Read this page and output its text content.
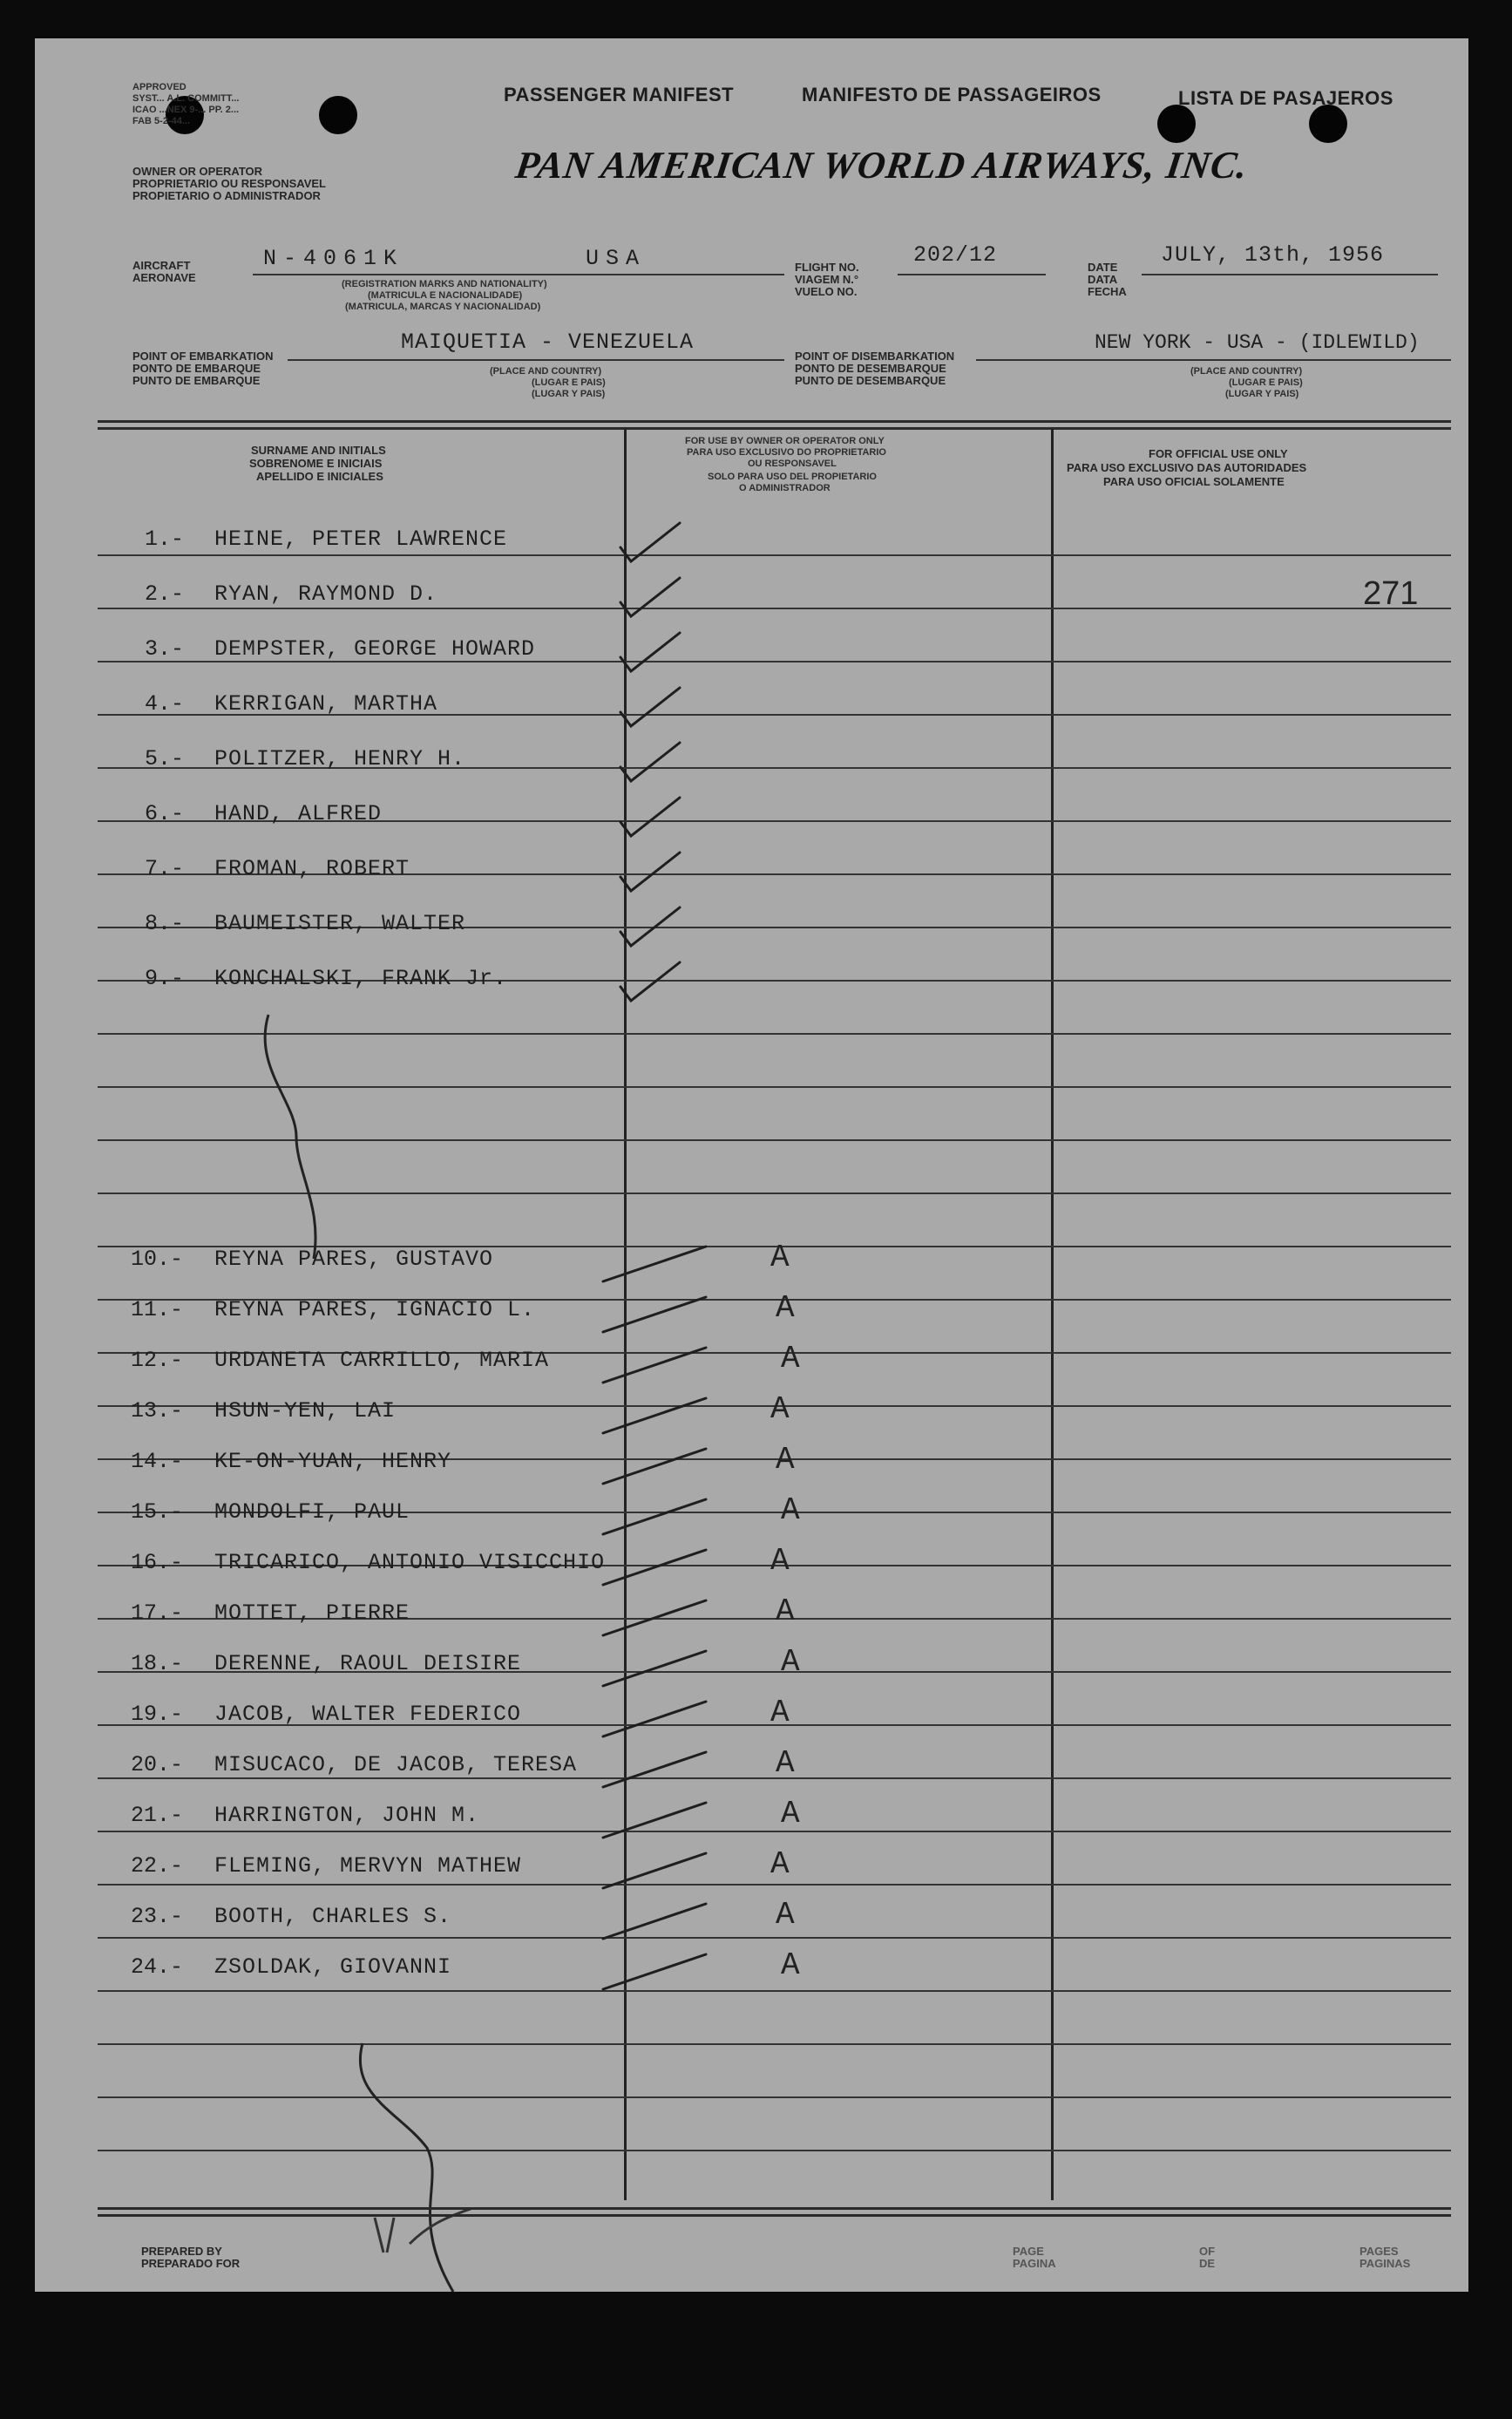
APPROVED
SYST... A.L. COMMITT...
ICAO ...NEX 9-... PP. 2...
FAB 5-2-44...
PASSENGER MANIFEST	MANIFESTO DE PASSAGEIROS	LISTA DE PASAJEROS
PAN AMERICAN WORLD AIRWAYS, INC.
OWNER OR OPERATOR
PROPRIETARIO OU RESPONSAVEL
PROPIETARIO O ADMINISTRADOR
AIRCRAFT
AERONAVE
N-4061K	USA
(REGISTRATION MARKS AND NATIONALITY)
(MATRICULA E NACIONALIDADE)
(MATRICULA, MARCAS Y NACIONALIDAD)
FLIGHT NO.
VIAGEM N.°
VUELO NO.
202/12	DATE
DATA
FECHA
JULY, 13th, 1956
POINT OF EMBARKATION
PONTO DE EMBARQUE
PUNTO DE EMBARQUE
MAIQUETIA - VENEZUELA
(PLACE AND COUNTRY)
(LUGAR E PAIS)
(LUGAR Y PAIS)
POINT OF DISEMBARKATION
PONTO DE DESEMBARQUE
PUNTO DE DESEMBARQUE
NEW YORK - USA - (IDLEWILD)
(PLACE AND COUNTRY)
(LUGAR E PAIS)
(LUGAR Y PAIS)
SURNAME AND INITIALS
SOBRENOME E INICIAIS
APELLIDO E INICIALES
FOR USE BY OWNER OR OPERATOR ONLY
PARA USO EXCLUSIVO DO PROPRIETARIO
OU RESPONSAVEL
SOLO PARA USO DEL PROPIETARIO
O ADMINISTRADOR
FOR OFFICIAL USE ONLY
PARA USO EXCLUSIVO DAS AUTORIDADES
PARA USO OFICIAL SOLAMENTE
271
1.- HEINE, PETER LAWRENCE
2.- RYAN, RAYMOND D.
3.- DEMPSTER, GEORGE HOWARD
4.- KERRIGAN, MARTHA
5.- POLITZER, HENRY H.
6.- HAND, ALFRED
7.- FROMAN, ROBERT
8.- BAUMEISTER, WALTER
9.- KONCHALSKI, FRANK Jr.
10.- REYNA PARES, GUSTAVO	A
11.- REYNA PARES, IGNACIO L.	A
12.- URDANETA CARRILLO, MARIA	A
13.- HSUN-YEN, LAI	A
14.- KE-ON-YUAN, HENRY	A
15.- MONDOLFI, PAUL	A
16.- TRICARICO, ANTONIO VISICCHIO	A
17.- MOTTET, PIERRE	A
18.- DERENNE, RAOUL DEISIRE	A
19.- JACOB, WALTER FEDERICO	A
20.- MISUCACO, DE JACOB, TERESA	A
21.- HARRINGTON, JOHN M.	A
22.- FLEMING, MERVYN MATHEW	A
23.- BOOTH, CHARLES S.	A
24.- ZSOLDAK, GIOVANNI	A
PREPARED BY
PREPARADO FOR
PAGE
PAGINA
OF
DE
PAGES
PAGINAS
